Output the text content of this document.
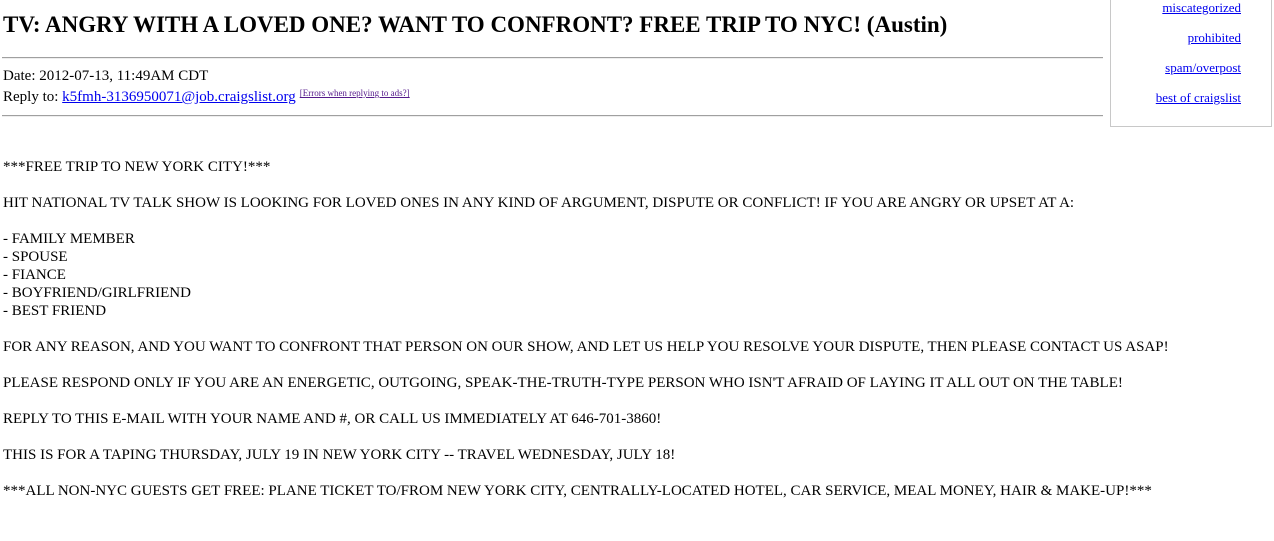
miscategorized
prohibited
spam/overpost
best of craigslist
TV: ANGRY WITH A LOVED ONE? WANT TO CONFRONT? FREE TRIP TO NYC! (Austin)
Date: 2012-07-13, 11:49AM CDT
Reply to: k5fmh-3136950071@job.craigslist.org [Errors when replying to ads?]

***FREE TRIP TO NEW YORK CITY!***

HIT NATIONAL TV TALK SHOW IS LOOKING FOR LOVED ONES IN ANY KIND OF ARGUMENT, DISPUTE OR CONFLICT! IF YOU ARE ANGRY OR UPSET AT A:

- FAMILY MEMBER
- SPOUSE
- FIANCE
- BOYFRIEND/GIRLFRIEND
- BEST FRIEND

FOR ANY REASON, AND YOU WANT TO CONFRONT THAT PERSON ON OUR SHOW, AND LET US HELP YOU RESOLVE YOUR DISPUTE, THEN PLEASE CONTACT US ASAP!

PLEASE RESPOND ONLY IF YOU ARE AN ENERGETIC, OUTGOING, SPEAK-THE-TRUTH-TYPE PERSON WHO ISN'T AFRAID OF LAYING IT ALL OUT ON THE TABLE!

REPLY TO THIS E-MAIL WITH YOUR NAME AND #, OR CALL US IMMEDIATELY AT 646-701-3860!

THIS IS FOR A TAPING THURSDAY, JULY 19 IN NEW YORK CITY -- TRAVEL WEDNESDAY, JULY 18!

***ALL NON-NYC GUESTS GET FREE: PLANE TICKET TO/FROM NEW YORK CITY, CENTRALLY-LOCATED HOTEL, CAR SERVICE, MEAL MONEY, HAIR & MAKE-UP!***
